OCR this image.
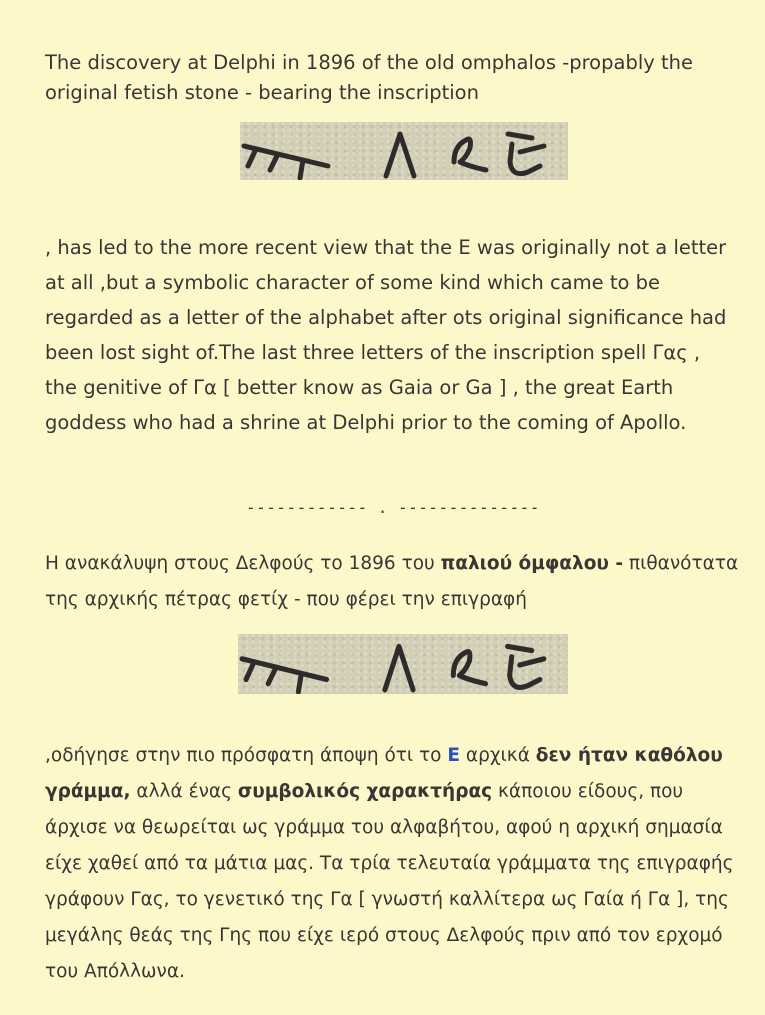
The discovery at Delphi in 1896 of the old omphalos -propably the original fetish stone - bearing the inscription

, has led to the more recent view that the E was originally not a letter at all ,but a symbolic character of some kind which came to be regarded as a letter of the alphabet after ots original significance had been lost sight of.The last three letters of the inscription spell Γας , the genitive of Γα [ better know as Gaia or Ga ] , the great Earth goddess who had a shrine at Delphi prior to the coming of Apollo.

------------ . --------------

Η ανακάλυψη στους Δελφούς το 1896 του παλιού όμφαλου - πιθανότατα της αρχικής πέτρας φετίχ - που φέρει την επιγραφή

,οδήγησε στην πιο πρόσφατη άποψη ότι το E αρχικά δεν ήταν καθόλου γράμμα, αλλά ένας συμβολικός χαρακτήρας κάποιου είδους, που άρχισε να θεωρείται ως γράμμα του αλφαβήτου, αφού η αρχική σημασία είχε χαθεί από τα μάτια μας. Τα τρία τελευταία γράμματα της επιγραφής γράφουν Γας, το γενετικό της Γα [ γνωστή καλλίτερα ως Γαία ή Γα ], της μεγάλης θεάς της Γης που είχε ιερό στους Δελφούς πριν από τον ερχομό του Απόλλωνα.
